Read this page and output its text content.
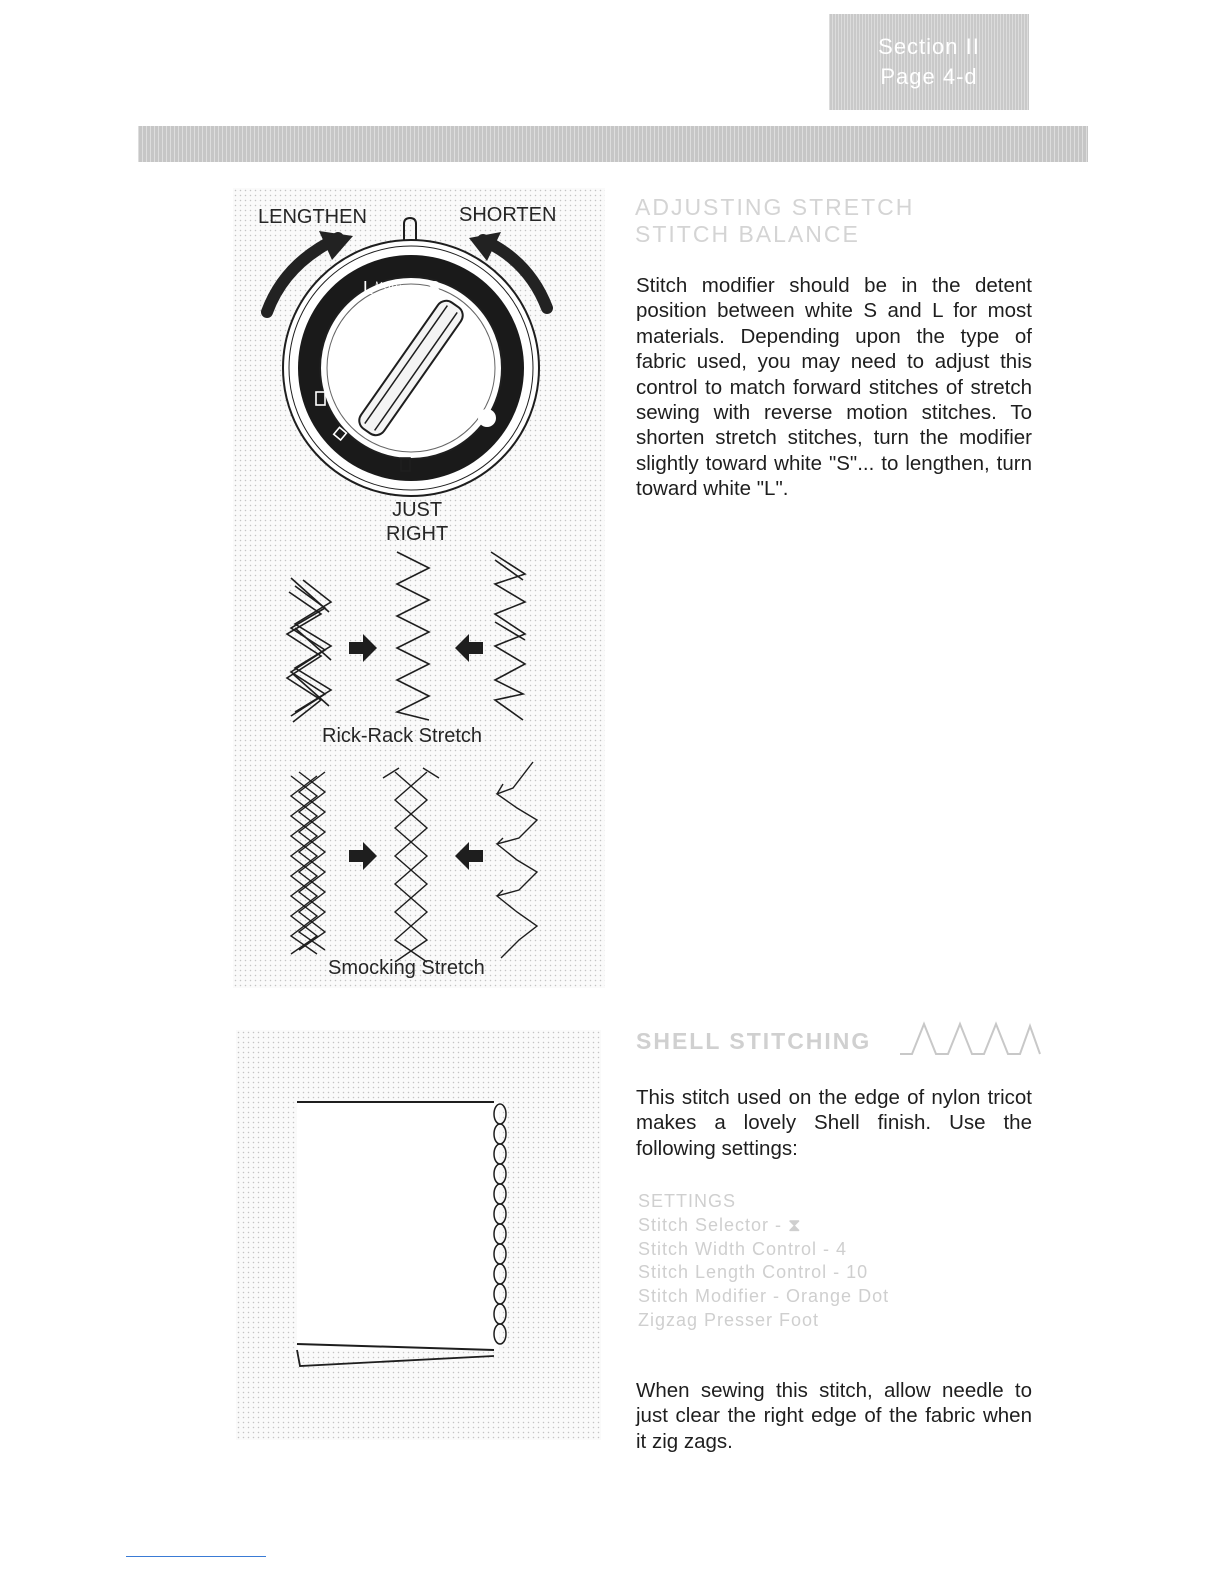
Section II
Page 4-d
LENGTHEN	SHORTEN
L MODIFIER S
JUST
RIGHT
Rick-Rack Stretch
Smocking Stretch
ADJUSTING STRETCH
STITCH BALANCE
Stitch modifier should be in the detent position between white S and L for most materials. Depending upon the type of fabric used, you may need to adjust this control to match forward stitches of stretch sewing with reverse motion stitches. To shorten stretch stitches, turn the modifier slightly toward white "S"... to lengthen, turn toward white "L".
SHELL STITCHING
This stitch used on the edge of nylon tricot makes a lovely Shell finish. Use the following settings:
SETTINGS
Stitch Selector - ⧗
Stitch Width Control - 4
Stitch Length Control - 10
Stitch Modifier - Orange Dot
Zigzag Presser Foot
When sewing this stitch, allow needle to just clear the right edge of the fabric when it zig zags.
